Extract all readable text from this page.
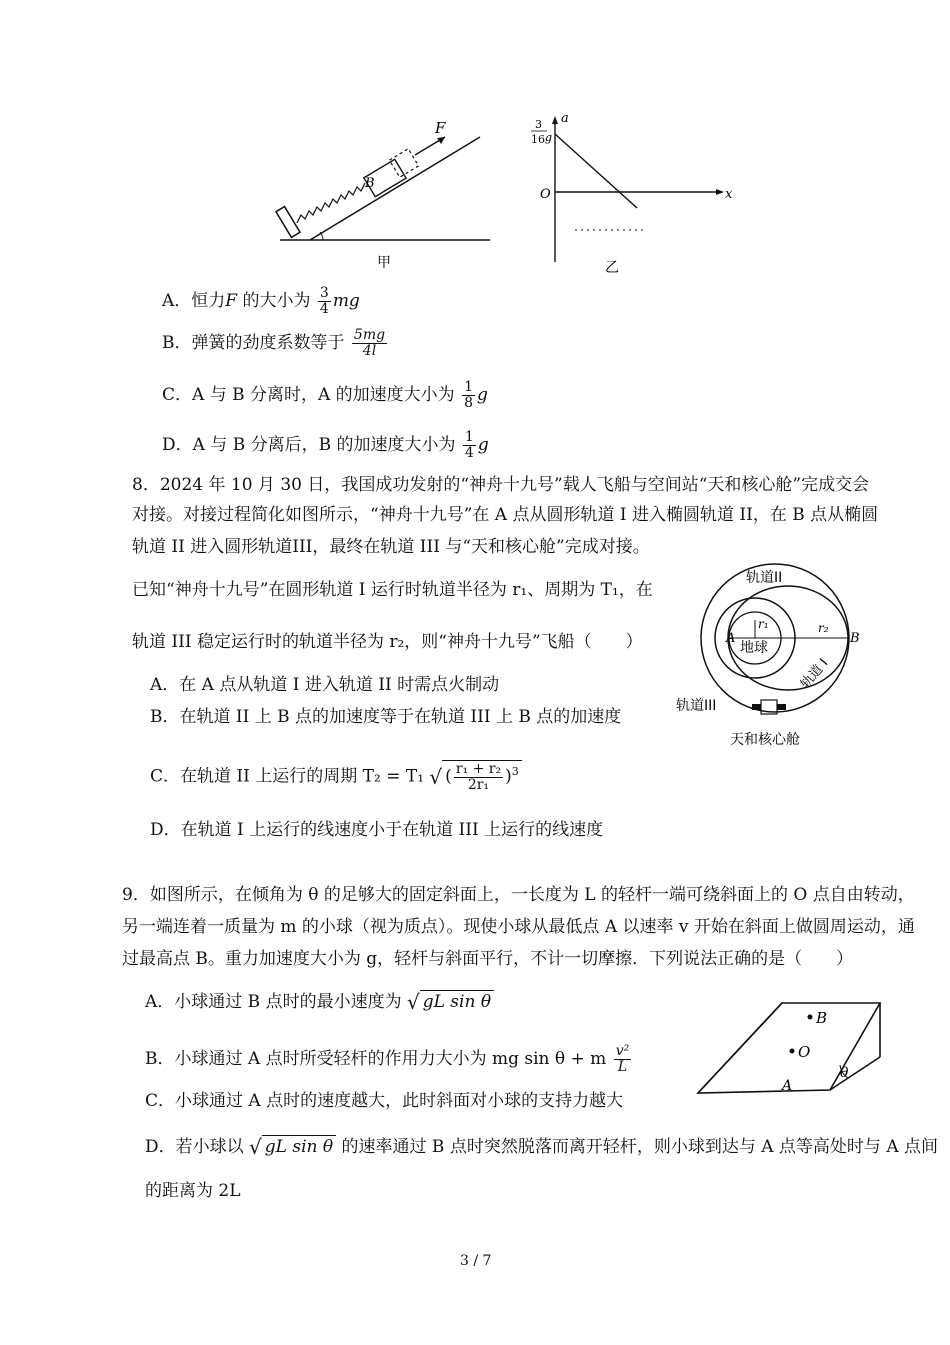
F
B
甲
a
x
O
3
16 g
乙
A．恒力F 的大小为 $\frac{3}{4}$ mg
B．弹簧的劲度系数等于 $\frac{5mg}{4l}$
C．A 与 B 分离时，A 的加速度大小为 $\frac{1}{8}$ g
D．A 与 B 分离后，B 的加速度大小为 $\frac{1}{4}$ g
8．2024 年 10 月 30 日，我国成功发射的“神舟十九号”载人飞船与空间站“天和核心舱”完成交会
对接。对接过程简化如图所示，“神舟十九号”在 A 点从圆形轨道 I 进入椭圆轨道 II，在 B 点从椭圆
轨道 II 进入圆形轨道III，最终在轨道 III 与“天和核心舱”完成对接。
已知“神舟十九号”在圆形轨道 I 运行时轨道半径为 r₁、周期为 T₁，在
轨道 III 稳定运行时的轨道半径为 r₂，则“神舟十九号”飞船（　　）
A．在 A 点从轨道 I 进入轨道 II 时需点火制动
B．在轨道 II 上 B 点的加速度等于在轨道 III 上 B 点的加速度
C．在轨道 II 上运行的周期 T₂ = T₁ √ ( $\frac{\text{r₁ + r₂}}{\text{2r₁}} )^3$
D．在轨道 I 上运行的线速度小于在轨道 III 上运行的线速度
轨道II
地球
轨道 I
轨道III
天和核心舱
A	B
r₁	r₂
9．如图所示，在倾角为 θ 的足够大的固定斜面上，一长度为 L 的轻杆一端可绕斜面上的 O 点自由转动，
另一端连着一质量为 m 的小球（视为质点）。现使小球从最低点 A 以速率 v 开始在斜面上做圆周运动，通
过最高点 B。重力加速度大小为 g，轻杆与斜面平行，不计一切摩擦．下列说法正确的是（　　）
A．小球通过 B 点时的最小速度为 √ gL sin θ
B．小球通过 A 点时所受轻杆的作用力大小为 mg sin θ + m $\frac{\text{v²}}{L}$
C．小球通过 A 点时的速度越大，此时斜面对小球的支持力越大
D．若小球以 √ gL sin θ 的速率通过 B 点时突然脱落而离开轻杆，则小球到达与 A 点等高处时与 A 点间
的距离为 2L
B
O
A
θ
3 / 7
